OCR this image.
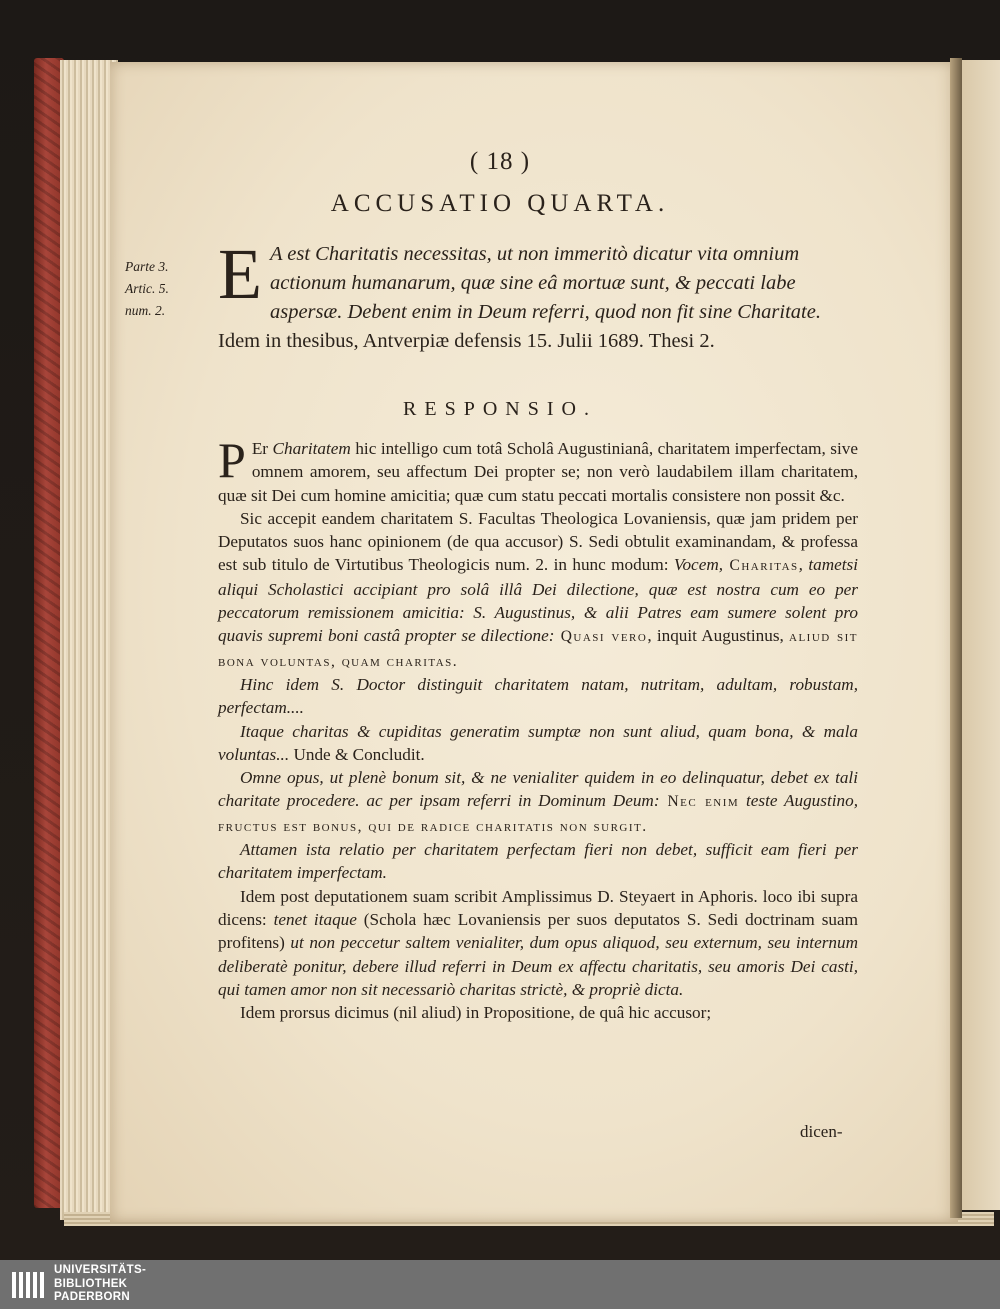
( 18 )
ACCUSATIO QUARTA.
Parte 3.
Artic. 5.
num. 2. E A est Charitatis necessitas, ut non immeritò dicatur vita omnium actionum humanarum, quæ sine eâ mortuæ sunt, & peccati labe aspersæ. Debent enim in Deum referri, quod non fit sine Charitate. Idem in thesibus, Antverpiæ defensis 15. Julii 1689. Thesi 2.
RESPONSIO.

P Er Charitatem hic intelligo cum totâ Scholâ Augustinianâ, charitatem imperfectam, sive omnem amorem, seu affectum Dei propter se; non verò laudabilem illam charitatem, quæ sit Dei cum homine amicitia; quæ cum statu peccati mortalis consistere non possit &c.

Sic accepit eandem charitatem S. Facultas Theologica Lovaniensis, quæ jam pridem per Deputatos suos hanc opinionem (de qua accusor) S. Sedi obtulit examinandam, & professa est sub titulo de Virtutibus Theologicis num. 2. in hunc modum: Vocem, Charitas, tametsi aliqui Scholastici accipiant pro solâ illâ Dei dilectione, quæ est nostra cum eo per peccatorum remissionem amicitia: S. Augustinus, & alii Patres eam sumere solent pro quavis supremi boni castâ propter se dilectione: Quasi vero, inquit Augustinus, aliud sit bona voluntas, quam charitas.

Hinc idem S. Doctor distinguit charitatem natam, nutritam, adultam, robustam, perfectam....

Itaque charitas & cupiditas generatim sumptæ non sunt aliud, quam bona, & mala voluntas... Unde & Concludit.

Omne opus, ut plenè bonum sit, & ne venialiter quidem in eo delinquatur, debet ex tali charitate procedere. ac per ipsam referri in Dominum Deum: Nec enim teste Augustino, fructus est bonus, qui de radice charitatis non surgit.

Attamen ista relatio per charitatem perfectam fieri non debet, sufficit eam fieri per charitatem imperfectam.

Idem post deputationem suam scribit Amplissimus D. Steyaert in Aphoris. loco ibi supra dicens: tenet itaque (Schola hæc Lovaniensis per suos deputatos S. Sedi doctrinam suam profitens) ut non peccetur saltem venialiter, dum opus aliquod, seu externum, seu internum deliberatè ponitur, debere illud referri in Deum ex affectu charitatis, seu amoris Dei casti, qui tamen amor non sit necessariò charitas strictè, & propriè dicta.

Idem prorsus dicimus (nil aliud) in Propositione, de quâ hic accusor;

dicen-
UNIVERSITÄTS-
BIBLIOTHEK
PADERBORN
